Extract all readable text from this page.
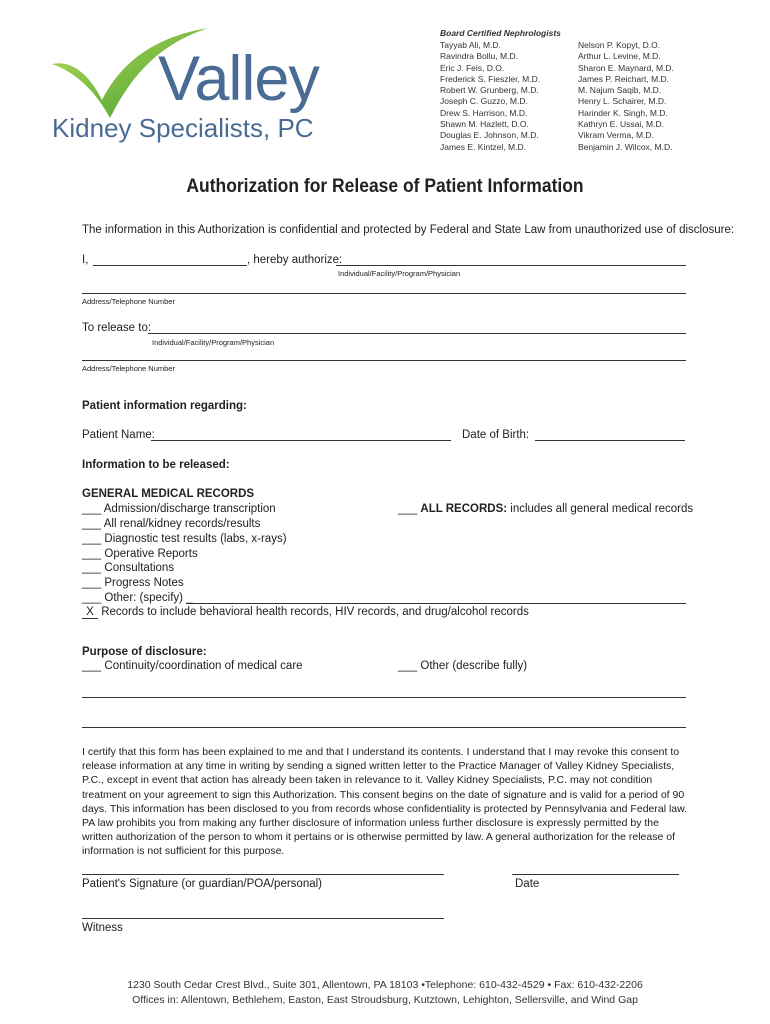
Valley
Kidney Specialists, PC
Board Certified Nephrologists
Tayyab Ali, M.D.
Ravindra Bollu, M.D.
Eric J. Feis, D.O.
Frederick S. Fieszler, M.D.
Robert W. Grunberg, M.D.
Joseph C. Guzzo, M.D.
Drew S. Harrison, M.D.
Shawn M. Hazlett, D.O.
Douglas E. Johnson, M.D.
James E. Kintzel, M.D.
Nelson P. Kopyt, D.O.
Arthur L. Levine, M.D.
Sharon E. Maynard, M.D.
James P. Reichart, M.D.
M. Najum Saqib, M.D.
Henry L. Schairer, M.D.
Harinder K. Singh, M.D.
Kathryn E. Ussai, M.D.
Vikram Verma, M.D.
Benjamin J. Wilcox, M.D.
Authorization for Release of Patient Information
The information in this Authorization is confidential and protected by Federal and State Law from unauthorized use of disclosure:
I,	, hereby authorize:
Individual/Facility/Program/Physician
Address/Telephone Number
To release to:
Individual/Facility/Program/Physician
Address/Telephone Number
Patient information regarding:
Patient Name:	Date of Birth:
Information to be released:
GENERAL MEDICAL RECORDS
___ Admission/discharge transcription
___ All renal/kidney records/results
___ Diagnostic test results (labs, x-rays)
___ Operative Reports
___ Consultations
___ Progress Notes
___ Other: (specify) _
X Records to include behavioral health records, HIV records, and drug/alcohol records
___ ALL RECORDS: includes all general medical records
Purpose of disclosure:
___ Continuity/coordination of medical care	___ Other (describe fully)
I certify that this form has been explained to me and that I understand its contents. I understand that I may revoke this consent to release information at any time in writing by sending a signed written letter to the Practice Manager of Valley Kidney Specialists, P.C., except in event that action has already been taken in relevance to it. Valley Kidney Specialists, P.C. may not condition treatment on your agreement to sign this Authorization. This consent begins on the date of signature and is valid for a period of 90 days. This information has been disclosed to you from records whose confidentiality is protected by Pennsylvania and Federal law. PA law prohibits you from making any further disclosure of information unless further disclosure is expressly permitted by the written authorization of the person to whom it pertains or is otherwise permitted by law. A general authorization for the release of information is not sufficient for this purpose.
Patient's Signature (or guardian/POA/personal)	Date
Witness
1230 South Cedar Crest Blvd., Suite 301, Allentown, PA 18103 •Telephone: 610-432-4529 • Fax: 610-432-2206
Offices in: Allentown, Bethlehem, Easton, East Stroudsburg, Kutztown, Lehighton, Sellersville, and Wind Gap
